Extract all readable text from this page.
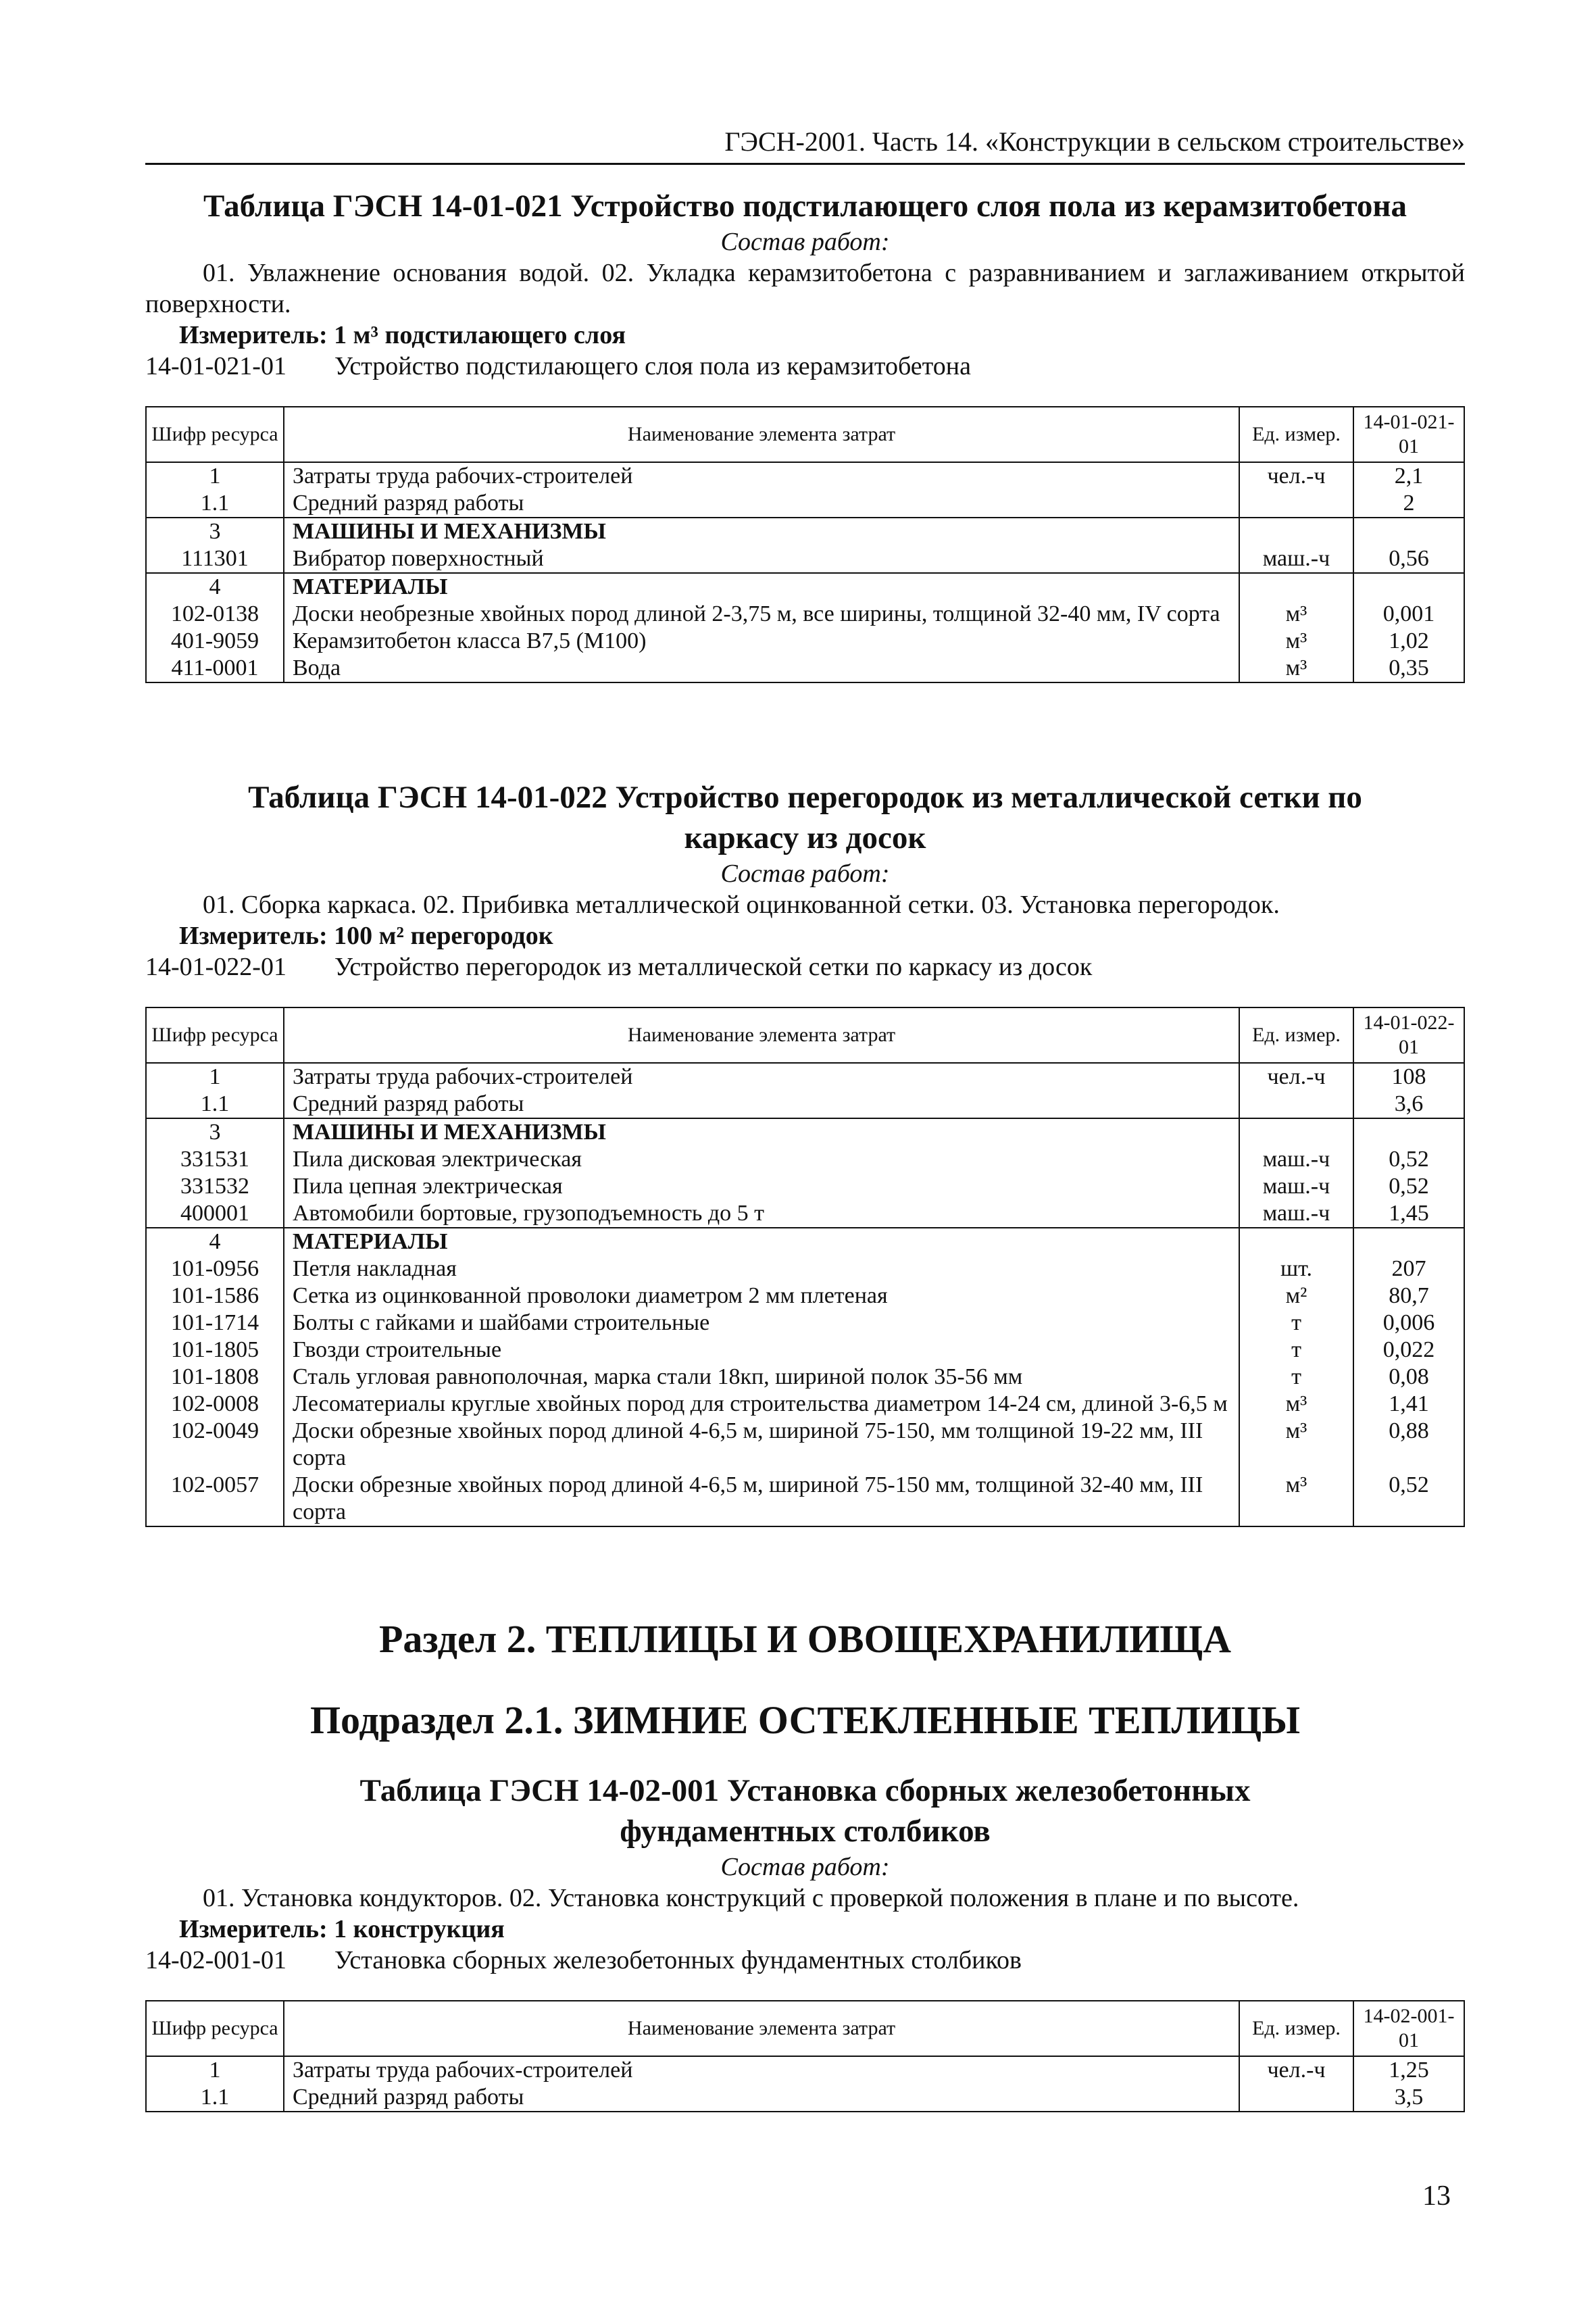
ГЭСН-2001. Часть 14. «Конструкции в сельском строительстве»
Таблица ГЭСН 14-01-021 Устройство подстилающего слоя пола из керамзитобетона
Состав работ:
01. Увлажнение основания водой. 02. Укладка керамзитобетона с разравниванием и заглаживанием открытой поверхности.
Измеритель: 1 м³ подстилающего слоя
14-01-021-01	Устройство подстилающего слоя пола из керамзитобетона
Шифр ресурса	Наименование элемента затрат	Ед. измер.	14-01-021-01
1	Затраты труда рабочих-строителей	чел.-ч	2,1
1.1	Средний разряд работы		2
3	МАШИНЫ И МЕХАНИЗМЫ		
111301	Вибратор поверхностный	маш.-ч	0,56
4	МАТЕРИАЛЫ		
102-0138	Доски необрезные хвойных пород длиной 2-3,75 м, все ширины, толщиной 32-40 мм, IV сорта	м³	0,001
401-9059	Керамзитобетон класса В7,5 (М100)	м³	1,02
411-0001	Вода	м³	0,35
Таблица ГЭСН 14-01-022 Устройство перегородок из металлической сетки по каркасу из досок
Состав работ:
01. Сборка каркаса. 02. Прибивка металлической оцинкованной сетки. 03. Установка перегородок.
Измеритель: 100 м² перегородок
14-01-022-01	Устройство перегородок из металлической сетки по каркасу из досок
Шифр ресурса	Наименование элемента затрат	Ед. измер.	14-01-022-01
1	Затраты труда рабочих-строителей	чел.-ч	108
1.1	Средний разряд работы		3,6
3	МАШИНЫ И МЕХАНИЗМЫ		
331531	Пила дисковая электрическая	маш.-ч	0,52
331532	Пила цепная электрическая	маш.-ч	0,52
400001	Автомобили бортовые, грузоподъемность до 5 т	маш.-ч	1,45
4	МАТЕРИАЛЫ		
101-0956	Петля накладная	шт.	207
101-1586	Сетка из оцинкованной проволоки диаметром 2 мм плетеная	м²	80,7
101-1714	Болты с гайками и шайбами строительные	т	0,006
101-1805	Гвозди строительные	т	0,022
101-1808	Сталь угловая равнополочная, марка стали 18кп, шириной полок 35-56 мм	т	0,08
102-0008	Лесоматериалы круглые хвойных пород для строительства диаметром 14-24 см, длиной 3-6,5 м	м³	1,41
102-0049	Доски обрезные хвойных пород длиной 4-6,5 м, шириной 75-150, мм толщиной 19-22 мм, III сорта	м³	0,88
102-0057	Доски обрезные хвойных пород длиной 4-6,5 м, шириной 75-150 мм, толщиной 32-40 мм, III сорта	м³	0,52
Раздел 2. ТЕПЛИЦЫ И ОВОЩЕХРАНИЛИЩА
Подраздел 2.1. ЗИМНИЕ ОСТЕКЛЕННЫЕ ТЕПЛИЦЫ
Таблица ГЭСН 14-02-001 Установка сборных железобетонных фундаментных столбиков
Состав работ:
01. Установка кондукторов. 02. Установка конструкций с проверкой положения в плане и по высоте.
Измеритель: 1 конструкция
14-02-001-01	Установка сборных железобетонных фундаментных столбиков
Шифр ресурса	Наименование элемента затрат	Ед. измер.	14-02-001-01
1	Затраты труда рабочих-строителей	чел.-ч	1,25
1.1	Средний разряд работы		3,5
13
